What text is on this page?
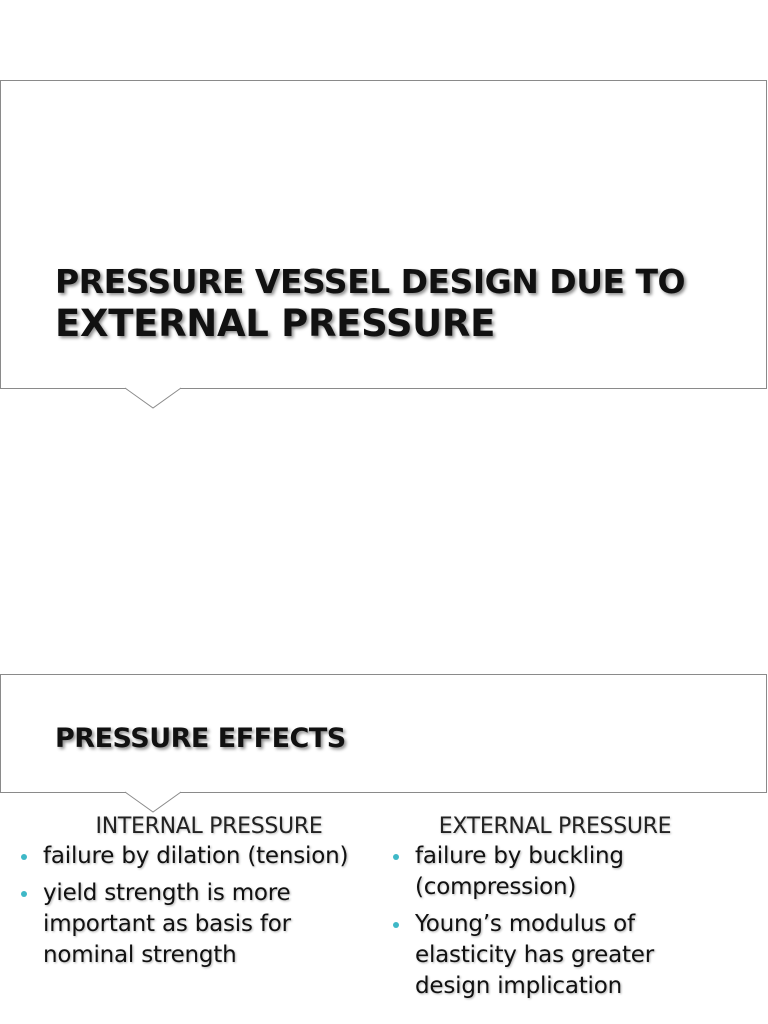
PRESSURE VESSEL DESIGN DUE TO
EXTERNAL PRESSURE
PRESSURE EFFECTS
INTERNAL PRESSURE
failure by dilation (tension)
yield strength is more important as basis for nominal strength
EXTERNAL PRESSURE
failure by buckling (compression)
Young’s modulus of elasticity has greater design implication
